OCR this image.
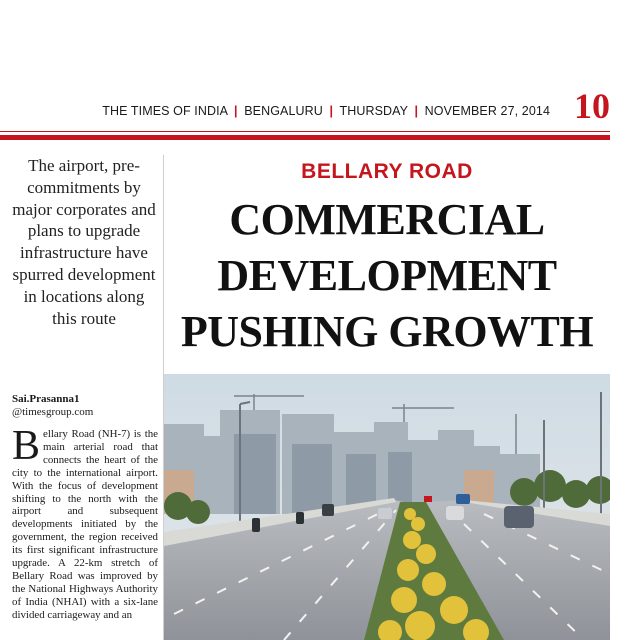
THE TIMES OF INDIA | BENGALURU | THURSDAY | NOVEMBER 27, 2014 10
The airport, pre-commitments by major corporates and plans to upgrade infrastructure have spurred development in locations along this route
Sai.Prasanna1
@timesgroup.com
B ellary Road (NH-7) is the main arterial road that connects the heart of the city to the international airport. With the focus of development shifting to the north with the airport and subsequent developments initiated by the government, the region received its first significant infrastructure upgrade. A 22-km stretch of Bellary Road was improved by the National Highways Authority of India (NHAI) with a six-lane divided carriageway and an
BELLARY ROAD
COMMERCIAL
DEVELOPMENT
PUSHING GROWTH
